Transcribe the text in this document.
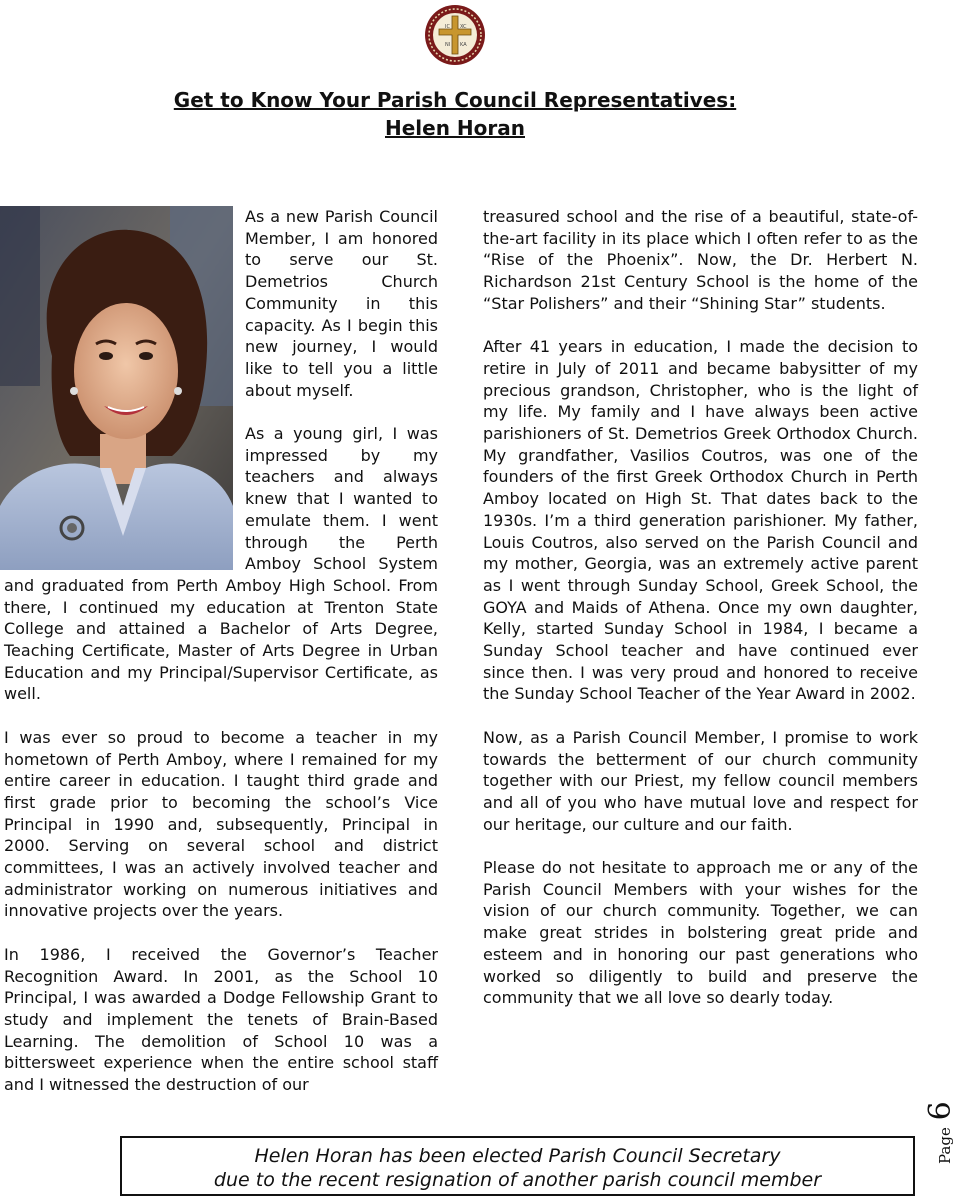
IC XC
NI KA
Get to Know Your Parish Council Representatives:
Helen Horan

As a new Parish Council Member, I am honored to serve our St. Demetrios Church Community in this capacity. As I begin this new journey, I would like to tell you a little about myself.

As a young girl, I was impressed by my teachers and always knew that I wanted to emulate them. I went through the Perth Amboy School System and graduated from Perth Amboy High School. From there, I continued my education at Trenton State College and attained a Bachelor of Arts Degree, Teaching Certificate, Master of Arts Degree in Urban Education and my Principal/Supervisor Certificate, as well.

I was ever so proud to become a teacher in my hometown of Perth Amboy, where I remained for my entire career in education. I taught third grade and first grade prior to becoming the school’s Vice Principal in 1990 and, subsequently, Principal in 2000. Serving on several school and district committees, I was an actively involved teacher and administrator working on numerous initiatives and innovative projects over the years.

In 1986, I received the Governor’s Teacher Recognition Award. In 2001, as the School 10 Principal, I was awarded a Dodge Fellowship Grant to study and implement the tenets of Brain-Based Learning. The demolition of School 10 was a bittersweet experience when the entire school staff and I witnessed the destruction of our

treasured school and the rise of a beautiful, state-of-the-art facility in its place which I often refer to as the “Rise of the Phoenix”. Now, the Dr. Herbert N. Richardson 21st Century School is the home of the “Star Polishers” and their “Shining Star” students.

After 41 years in education, I made the decision to retire in July of 2011 and became babysitter of my precious grandson, Christopher, who is the light of my life. My family and I have always been active parishioners of St. Demetrios Greek Orthodox Church. My grandfather, Vasilios Coutros, was one of the founders of the first Greek Orthodox Church in Perth Amboy located on High St. That dates back to the 1930s. I’m a third generation parishioner. My father, Louis Coutros, also served on the Parish Council and my mother, Georgia, was an extremely active parent as I went through Sunday School, Greek School, the GOYA and Maids of Athena. Once my own daughter, Kelly, started Sunday School in 1984, I became a Sunday School teacher and have continued ever since then. I was very proud and honored to receive the Sunday School Teacher of the Year Award in 2002.

Now, as a Parish Council Member, I promise to work towards the betterment of our church community together with our Priest, my fellow council members and all of you who have mutual love and respect for our heritage, our culture and our faith.

Please do not hesitate to approach me or any of the Parish Council Members with your wishes for the vision of our church community. Together, we can make great strides in bolstering great pride and esteem and in honoring our past generations who worked so diligently to build and preserve the community that we all love so dearly today.

Page 6
Helen Horan has been elected Parish Council Secretary
due to the recent resignation of another parish council member
